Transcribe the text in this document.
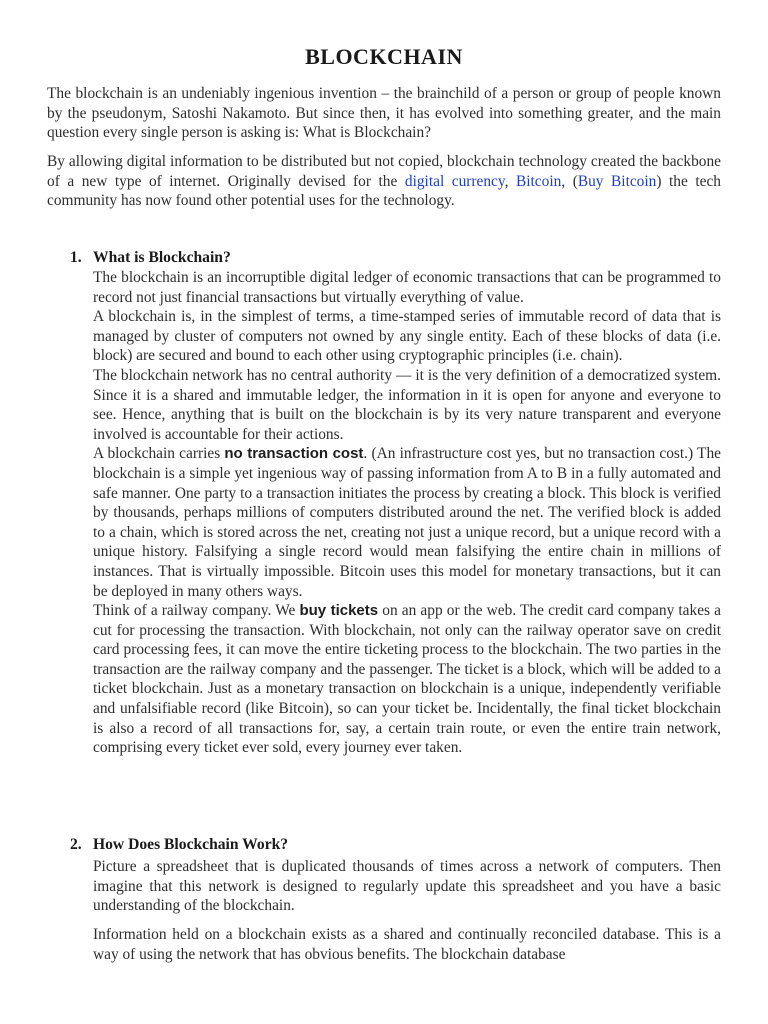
BLOCKCHAIN

The blockchain is an undeniably ingenious invention – the brainchild of a person or group of people known by the pseudonym, Satoshi Nakamoto. But since then, it has evolved into something greater, and the main question every single person is asking is: What is Blockchain?

By allowing digital information to be distributed but not copied, blockchain technology created the backbone of a new type of internet. Originally devised for the digital currency, Bitcoin, (Buy Bitcoin) the tech community has now found other potential uses for the technology.

1. What is Blockchain?

The blockchain is an incorruptible digital ledger of economic transactions that can be programmed to record not just financial transactions but virtually everything of value.

A blockchain is, in the simplest of terms, a time-stamped series of immutable record of data that is managed by cluster of computers not owned by any single entity. Each of these blocks of data (i.e. block) are secured and bound to each other using cryptographic principles (i.e. chain).

The blockchain network has no central authority — it is the very definition of a democratized system. Since it is a shared and immutable ledger, the information in it is open for anyone and everyone to see. Hence, anything that is built on the blockchain is by its very nature transparent and everyone involved is accountable for their actions.

A blockchain carries no transaction cost. (An infrastructure cost yes, but no transaction cost.) The blockchain is a simple yet ingenious way of passing information from A to B in a fully automated and safe manner. One party to a transaction initiates the process by creating a block. This block is verified by thousands, perhaps millions of computers distributed around the net. The verified block is added to a chain, which is stored across the net, creating not just a unique record, but a unique record with a unique history. Falsifying a single record would mean falsifying the entire chain in millions of instances. That is virtually impossible. Bitcoin uses this model for monetary transactions, but it can be deployed in many others ways.

Think of a railway company. We buy tickets on an app or the web. The credit card company takes a cut for processing the transaction. With blockchain, not only can the railway operator save on credit card processing fees, it can move the entire ticketing process to the blockchain. The two parties in the transaction are the railway company and the passenger. The ticket is a block, which will be added to a ticket blockchain. Just as a monetary transaction on blockchain is a unique, independently verifiable and unfalsifiable record (like Bitcoin), so can your ticket be. Incidentally, the final ticket blockchain is also a record of all transactions for, say, a certain train route, or even the entire train network, comprising every ticket ever sold, every journey ever taken.

2. How Does Blockchain Work?

Picture a spreadsheet that is duplicated thousands of times across a network of computers. Then imagine that this network is designed to regularly update this spreadsheet and you have a basic understanding of the blockchain.

Information held on a blockchain exists as a shared and continually reconciled database. This is a way of using the network that has obvious benefits. The blockchain database
